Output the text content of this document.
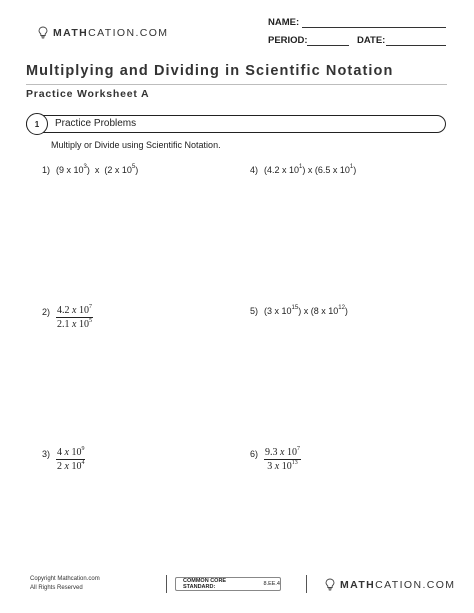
MATH CATION.COM
NAME:
PERIOD:	DATE:
Multiplying and Dividing in Scientific Notation
Practice Worksheet A
1	Practice Problems
Multiply or Divide using Scientific Notation.
1) (9 x $10^3$)  x  (2 x $10^5$)	4) (4.2 x $10^1$) x (6.5 x $10^1$)
$2) \frac{4.2 x 10^7}{2.1 x 10^5}$	5) (3 x $10^{15}$) x (8 x $10^{12}$)
$3) \frac{4 x 10^9}{2 x 10^4}$	$6) \frac{9.3 x 10^7}{3 x 10^{13}}$
Copyright Mathcation.com
All Rights Reserved
COMMON CORE STANDARD:	8.EE.4	MATH CATION.COM
